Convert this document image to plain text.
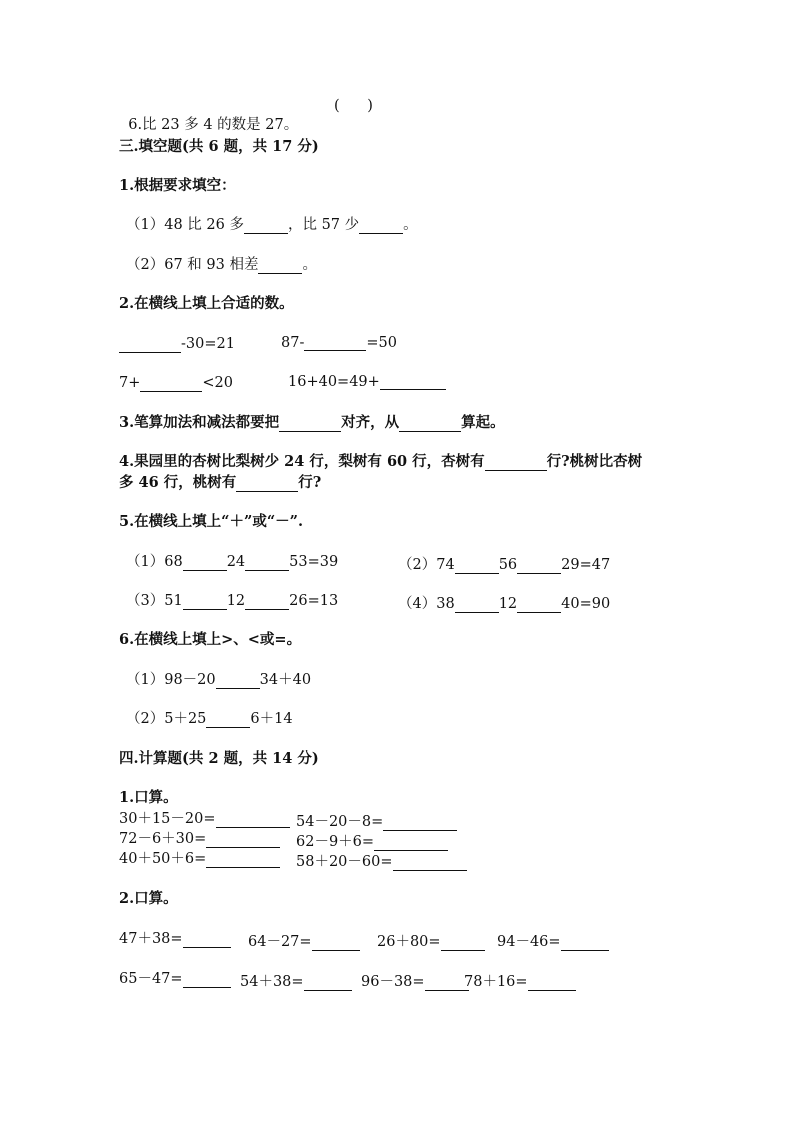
6.比 23 多 4 的数是 27。

(      )
三.填空题(共 6 题，共 17 分)
1.根据要求填空：
（1）48 比 26 多	，比 57 少	。
（2）67 和 93 相差	。
2.在横线上填上合适的数。
-30=21	87-	=50
7+	<20	16+40=49+
3.笔算加法和减法都要把	对齐，从	算起。
4.果园里的杏树比梨树少 24 行，梨树有 60 行，杏树有	行?桃树比杏树
多 46 行，桃树有	行?
5.在横线上填上“＋”或“－”.
（1）68	24	53=39	（2）74	56	29=47
（3）51	12	26=13	（4）38	12	40=90
6.在横线上填上>、<或=。
（1）98－20	34＋40
（2）5＋25	6＋14
四.计算题(共 2 题，共 14 分)
1.口算。
30＋15－20=	54－20－8=
72－6＋30=	62－9＋6=
40＋50＋6=	58＋20－60=
2.口算。
47＋38=	64－27=	26＋80=	94－46=
65－47=	54＋38=	96－38=	78＋16=
